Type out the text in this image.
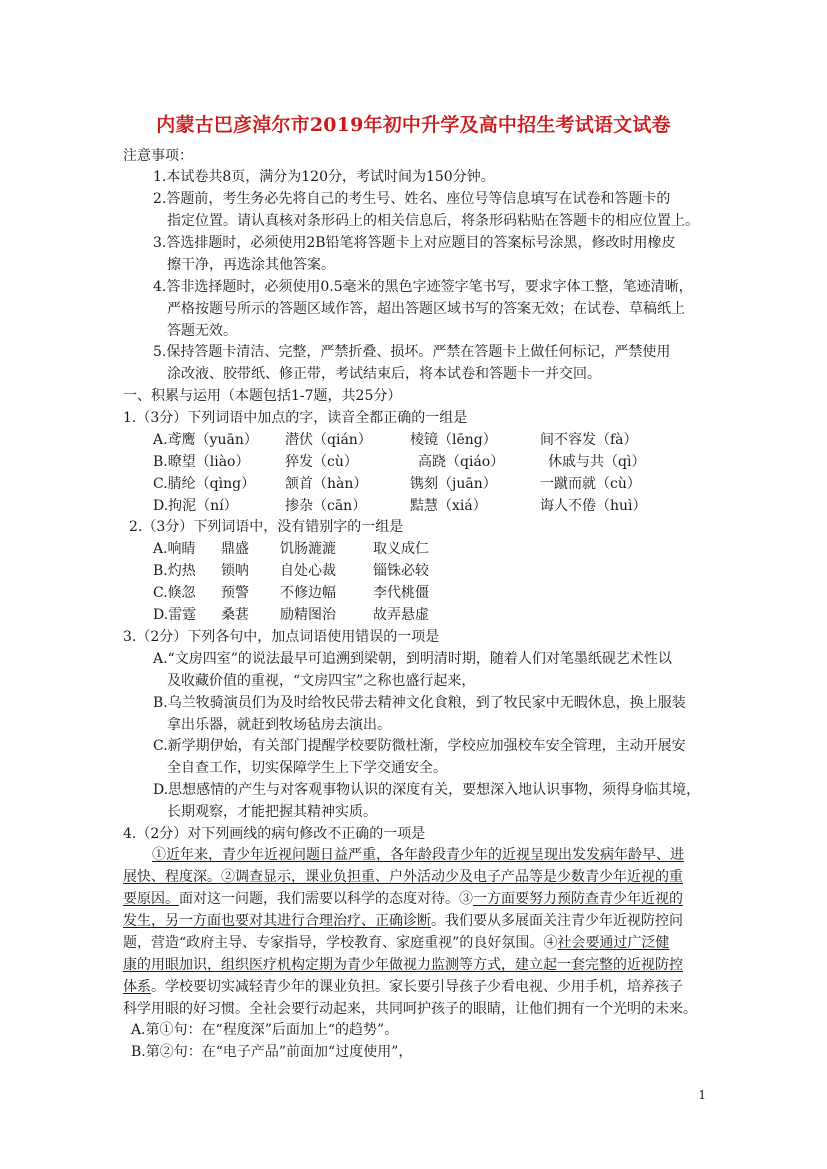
内蒙古巴彦淖尔市2019年初中升学及高中招生考试语文试卷
注意事项：
1.本试卷共8页，满分为120分，考试时间为150分钟。
2.答题前，考生务必先将自己的考生号、姓名、座位号等信息填写在试卷和答题卡的
指定位置。请认真核对条形码上的相关信息后，将条形码粘贴在答题卡的相应位置上。
3.答选排题时，必须使用2B铅笔将答题卡上对应题目的答案标号涂黑，修改时用橡皮
擦干净，再选涂其他答案。
4.答非选择题时，必须使用0.5毫米的黑色字迹签字笔书写，要求字体工整，笔迹清晰，
严格按题号所示的答题区域作答，超出答题区域书写的答案无效；在试卷、草稿纸上
答题无效。
5.保持答题卡清洁、完整，严禁折叠、损坏。严禁在答题卡上做任何标记，严禁使用
涂改液、胶带纸、修正带，考试结束后，将本试卷和答题卡一并交回。
一、积累与运用（本题包括1-7题，共25分）
1.（3分）下列词语中加点的字，读音全都正确的一组是
A.鸢鹰（yuān） 潜伏（qián）	棱镜（lēng）	间不容发（fà）
B.暸望（liào）	猝发（cù）	高跷（qiáo）	休戚与共（qì）
C.腈纶（qìng） 颔首（hàn）	镌刻（juān）	一蹴而就（cù）
D.拘泥（ní）	掺杂（cān）	黠慧（xiá）	诲人不倦（huì）
2.（3分）下列词语中，没有错别字的一组是
A.响睛 鼎盛 饥肠漉漉	取义成仁
B.灼热 锁呐 自处心裁	锱铢必较
C.倏忽 预警 不修边幅	李代桃僵
D.雷霆 桑葚 励精图治	故弄悬虚
3.（2分）下列各句中，加点词语使用错误的一项是
A.“文房四室”的说法最早可追溯到梁朝，到明清时期，随着人们对笔墨纸砚艺术性以
及收藏价值的重视，“文房四宝”之称也盛行起来，
B.乌兰牧骑演员们为及时给牧民带去精神文化食粮，到了牧民家中无暇休息，换上服装
拿出乐器，就赶到牧场毡房去演出。
C.新学期伊始，有关部门提醒学校要防微杜渐，学校应加强校车安全管理，主动开展安
全自查工作，切实保障学生上下学交通安全。
D.思想感情的产生与对客观事物认识的深度有关，要想深入地认识事物，须得身临其境，
长期观察，才能把握其精神实质。
4.（2分）对下列画线的病句修改不正确的一项是
①近年来，青少年近视问题日益严重，各年龄段青少年的近视呈现出发发病年龄早、进
展快、程度深。②调查显示，课业负担重、户外活动少及电子产品等是少数青少年近视的重
要原因。面对这一问题，我们需要以科学的态度对待。③一方面要努力预防查青少年近视的
发生，另一方面也要对其进行合理治疗、正确诊断。我们要从多展面关注青少年近视防控问
题，营造“政府主导、专家指导，学校教育、家庭重视”的良好氛围。④社会要通过广泛健
康的用眼加识，组织医疗机构定期为青少年做视力监测等方式，建立起一套完整的近视防控
体系。学校要切实减轻青少年的课业负担。家长要引导孩子少看电视、少用手机，培养孩子
科学用眼的好习惯。全社会要行动起来，共同呵护孩子的眼睛，让他们拥有一个光明的未来。
A.第①句：在“程度深”后面加上“的趋势”。
B.第②句：在“电子产品”前面加“过度使用”，
1
